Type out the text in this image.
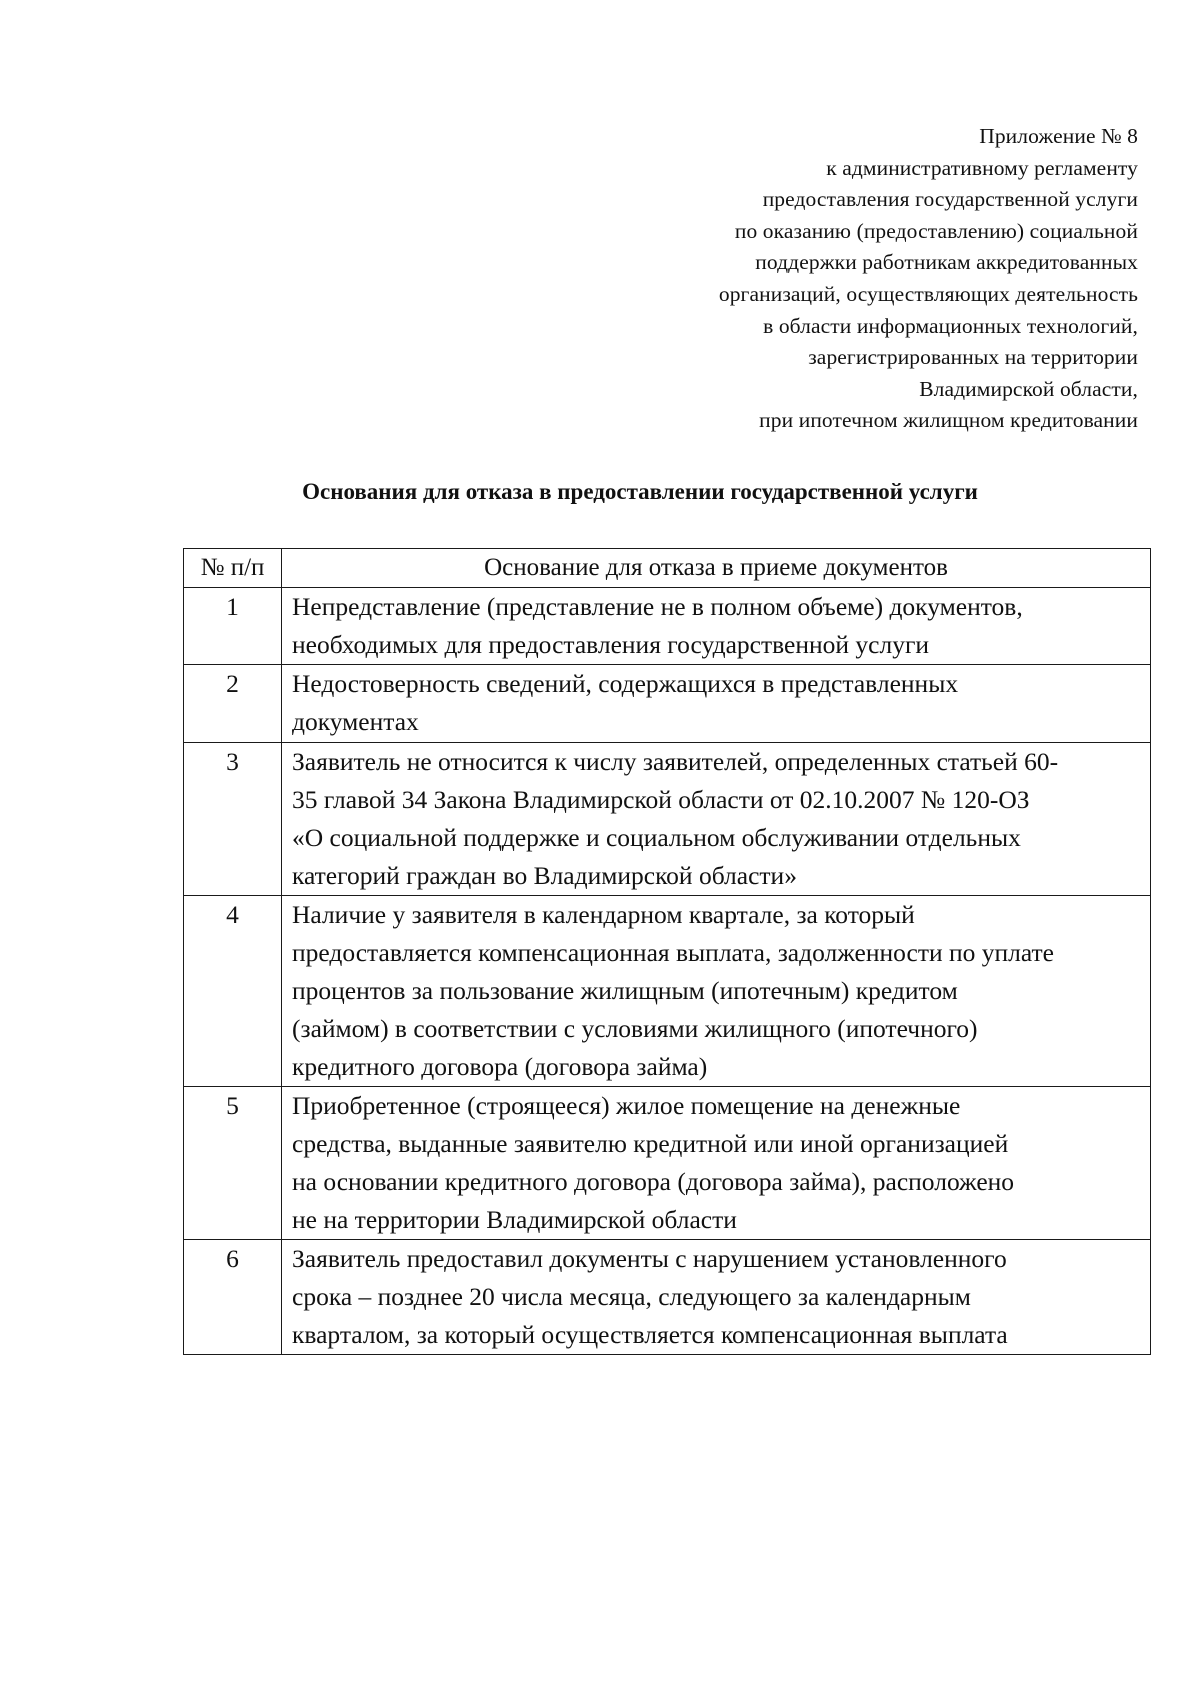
Приложение № 8
к административному регламенту
предоставления государственной услуги
по оказанию (предоставлению) социальной
поддержки работникам аккредитованных
организаций, осуществляющих деятельность
в области информационных технологий,
зарегистрированных на территории
Владимирской области,
при ипотечном жилищном кредитовании
Основания для отказа в предоставлении государственной услуги
№ п/п	Основание для отказа в приеме документов
1	Непредставление (представление не в полном объеме) документов,
необходимых для предоставления государственной услуги

2	Недостоверность сведений, содержащихся в представленных
документах

3	Заявитель не относится к числу заявителей, определенных статьей 60-
35 главой 34 Закона Владимирской области от 02.10.2007 № 120-ОЗ
«О социальной поддержке и социальном обслуживании отдельных
категорий граждан во Владимирской области»

4	Наличие у заявителя в календарном квартале, за который
предоставляется компенсационная выплата, задолженности по уплате
процентов за пользование жилищным (ипотечным) кредитом
(займом) в соответствии с условиями жилищного (ипотечного)
кредитного договора (договора займа)

5	Приобретенное (строящееся) жилое помещение на денежные
средства, выданные заявителю кредитной или иной организацией
на основании кредитного договора (договора займа), расположено
не на территории Владимирской области

6	Заявитель предоставил документы с нарушением установленного
срока – позднее 20 числа месяца, следующего за календарным
кварталом, за который осуществляется компенсационная выплата
